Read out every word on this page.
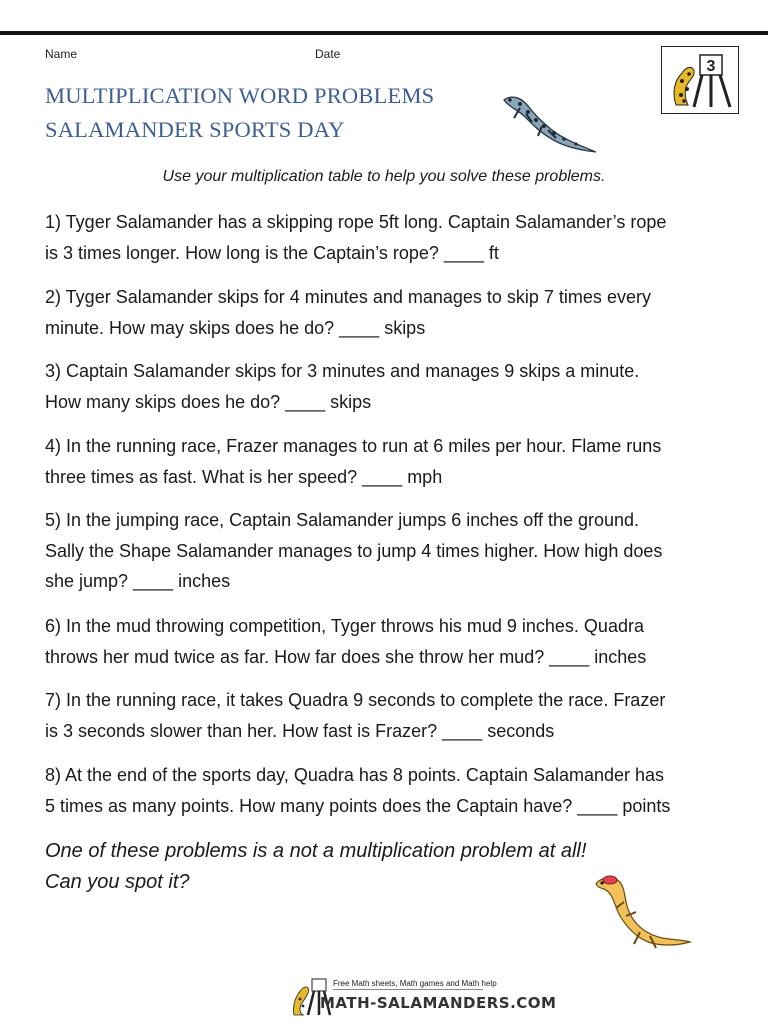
Name	Date
MULTIPLICATION WORD PROBLEMS
SALAMANDER SPORTS DAY
3
Use your multiplication table to help you solve these problems.
1) Tyger Salamander has a skipping rope 5ft long. Captain Salamander’s rope
is 3 times longer. How long is the Captain’s rope? ____ ft
2) Tyger Salamander skips for 4 minutes and manages to skip 7 times every
minute. How may skips does he do? ____ skips
3) Captain Salamander skips for 3 minutes and manages 9 skips a minute.
How many skips does he do? ____ skips
4) In the running race, Frazer manages to run at 6 miles per hour. Flame runs
three times as fast. What is her speed? ____ mph
5) In the jumping race, Captain Salamander jumps 6 inches off the ground.
Sally the Shape Salamander manages to jump 4 times higher. How high does
she jump? ____ inches
6) In the mud throwing competition, Tyger throws his mud 9 inches. Quadra
throws her mud twice as far. How far does she throw her mud? ____ inches
7) In the running race, it takes Quadra 9 seconds to complete the race. Frazer
is 3 seconds slower than her. How fast is Frazer? ____ seconds
8) At the end of the sports day, Quadra has 8 points. Captain Salamander has
5 times as many points. How many points does the Captain have? ____ points
One of these problems is a not a multiplication problem at all!
Can you spot it?
Free Math sheets, Math games and Math help
MATH-SALAMANDERS.COM
